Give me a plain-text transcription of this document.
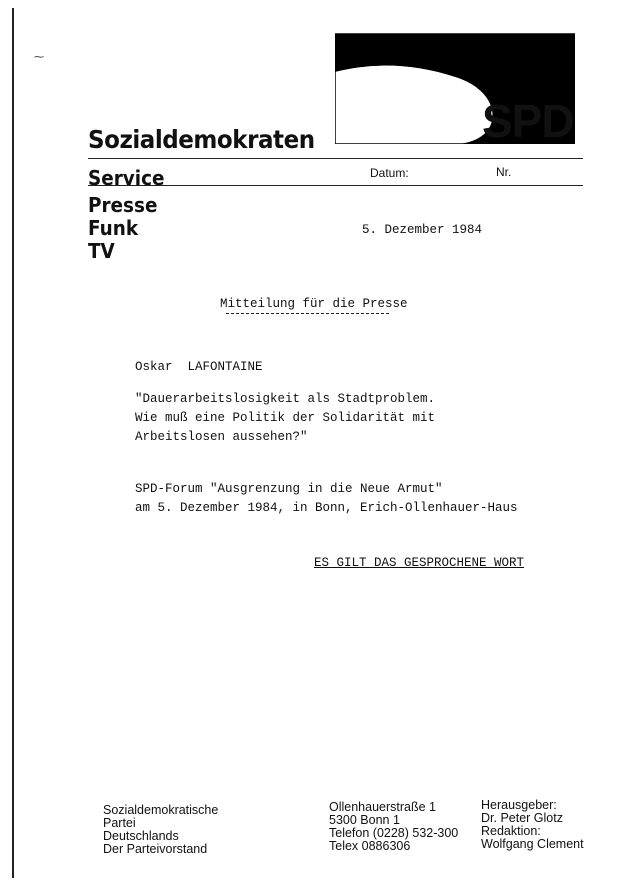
SPD
Sozialdemokraten
Service	Datum:	Nr.
Presse
Funk
TV
5. Dezember 1984
Mitteilung für die Presse
Oskar  LAFONTAINE
"Dauerarbeitslosigkeit als Stadtproblem.
Wie muß eine Politik der Solidarität mit
Arbeitslosen aussehen?"
SPD-Forum "Ausgrenzung in die Neue Armut"
am 5. Dezember 1984, in Bonn, Erich-Ollenhauer-Haus
ES GILT DAS GESPROCHENE WORT
Sozialdemokratische
Partei
Deutschlands
Der Parteivorstand
Ollenhauerstraße 1
5300 Bonn 1
Telefon (0228) 532-300
Telex 0886306
Herausgeber:
Dr. Peter Glotz
Redaktion:
Wolfgang Clement
⁓
